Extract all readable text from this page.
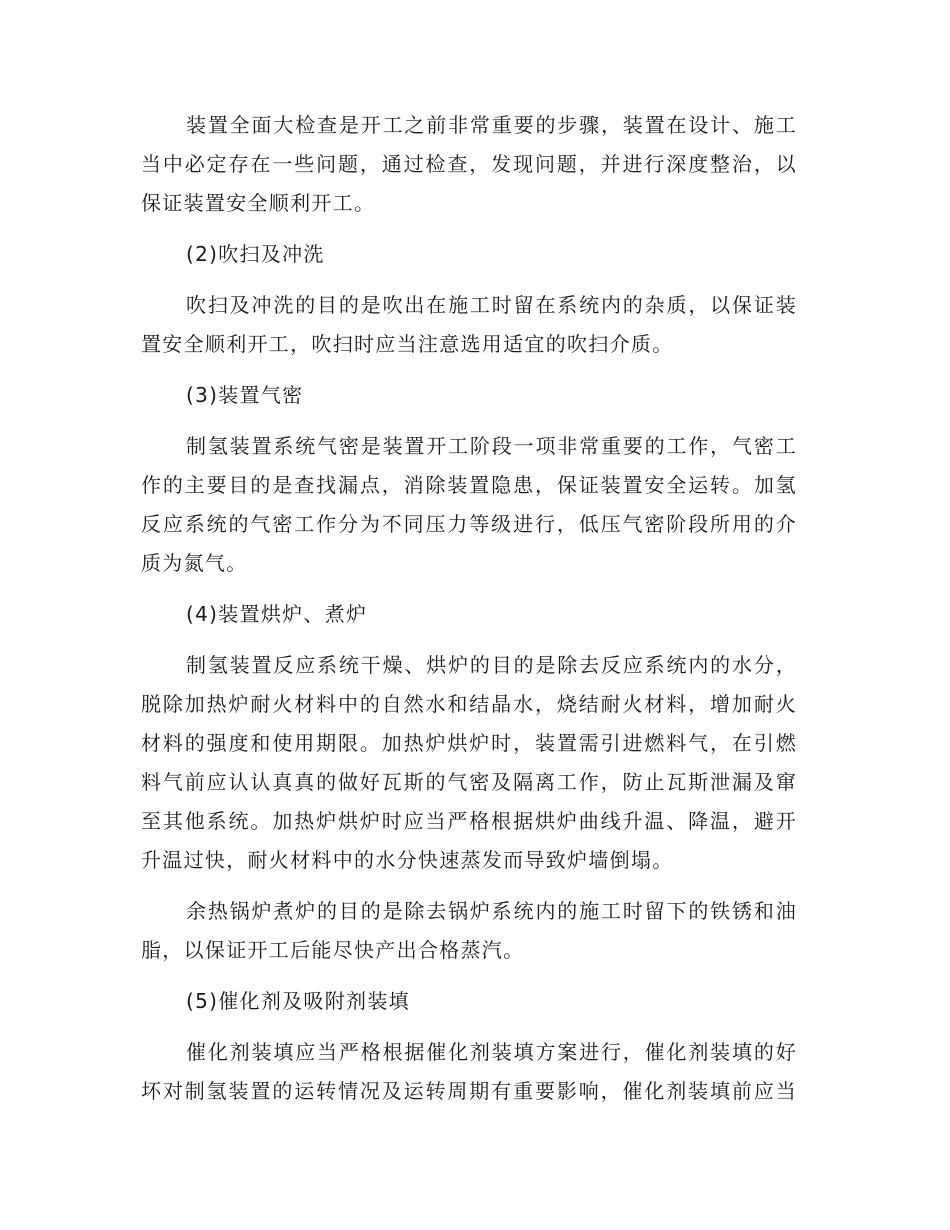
装置全面大检查是开工之前非常重要的步骤，装置在设计、施工
当中必定存在一些问题，通过检查，发现问题，并进行深度整治，以
保证装置安全顺利开工。
(2)吹扫及冲洗
吹扫及冲洗的目的是吹出在施工时留在系统内的杂质，以保证装
置安全顺利开工，吹扫时应当注意选用适宜的吹扫介质。
(3)装置气密
制氢装置系统气密是装置开工阶段一项非常重要的工作，气密工
作的主要目的是查找漏点，消除装置隐患，保证装置安全运转。加氢
反应系统的气密工作分为不同压力等级进行，低压气密阶段所用的介
质为氮气。
(4)装置烘炉、煮炉
制氢装置反应系统干燥、烘炉的目的是除去反应系统内的水分，
脱除加热炉耐火材料中的自然水和结晶水，烧结耐火材料，增加耐火
材料的强度和使用期限。加热炉烘炉时，装置需引进燃料气，在引燃
料气前应认认真真的做好瓦斯的气密及隔离工作，防止瓦斯泄漏及窜
至其他系统。加热炉烘炉时应当严格根据烘炉曲线升温、降温，避开
升温过快，耐火材料中的水分快速蒸发而导致炉墙倒塌。
余热锅炉煮炉的目的是除去锅炉系统内的施工时留下的铁锈和油
脂，以保证开工后能尽快产出合格蒸汽。
(5)催化剂及吸附剂装填
催化剂装填应当严格根据催化剂装填方案进行，催化剂装填的好
坏对制氢装置的运转情况及运转周期有重要影响，催化剂装填前应当
